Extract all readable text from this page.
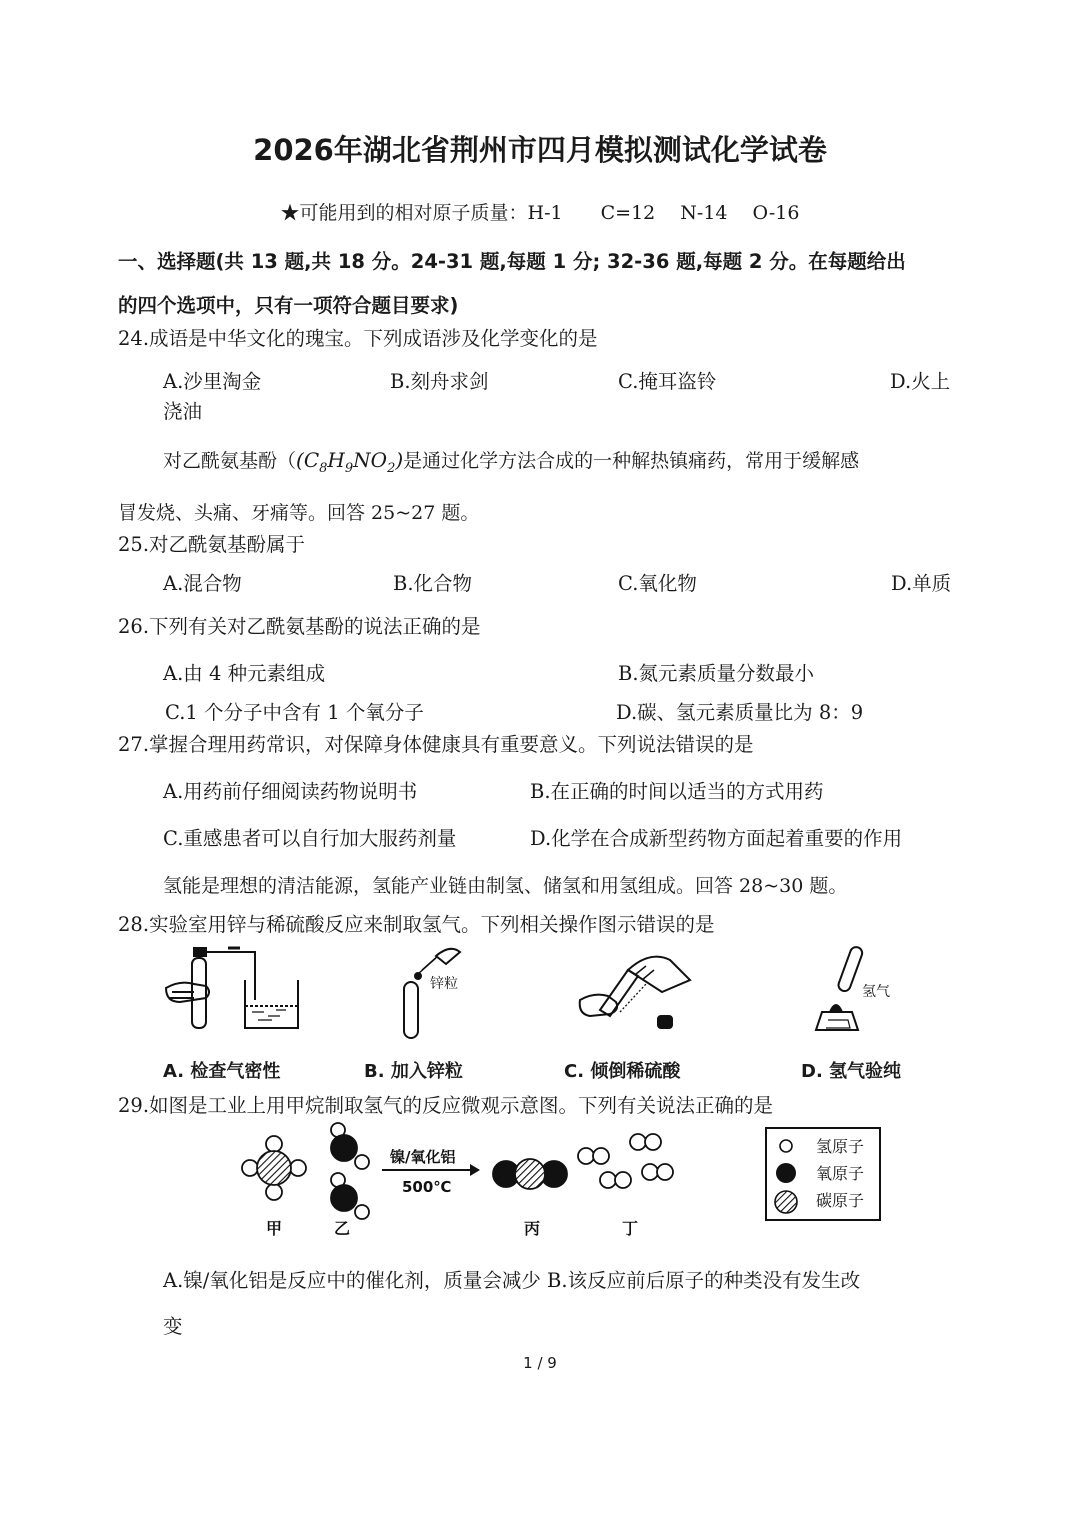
2026年湖北省荆州市四月模拟测试化学试卷
★可能用到的相对原子质量：H-1　　C=12　 N-14　 O-16
一、选择题(共 13 题,共 18 分。24-31 题,每题 1 分; 32-36 题,每题 2 分。在每题给出
的四个选项中，只有一项符合题目要求)
24.成语是中华文化的瑰宝。下列成语涉及化学变化的是
A.沙里淘金	B.刻舟求剑	C.掩耳盗铃	D.火上
浇油
对乙酰氨基酚（$(C_8H_9NO_2)$是通过化学方法合成的一种解热镇痛药，常用于缓解感
冒发烧、头痛、牙痛等。回答 25~27 题。
25.对乙酰氨基酚属于
A.混合物	B.化合物	C.氧化物	D.单质
26.下列有关对乙酰氨基酚的说法正确的是
A.由 4 种元素组成	B.氮元素质量分数最小
C.1 个分子中含有 1 个氧分子	D.碳、氢元素质量比为 8：9
27.掌握合理用药常识，对保障身体健康具有重要意义。下列说法错误的是
A.用药前仔细阅读药物说明书	B.在正确的时间以适当的方式用药
C.重感患者可以自行加大服药剂量	D.化学在合成新型药物方面起着重要的作用
氢能是理想的清洁能源，氢能产业链由制氢、储氢和用氢组成。回答 28~30 题。
28.实验室用锌与稀硫酸反应来制取氢气。下列相关操作图示错误的是
锌粒	氢气
A. 检查气密性	B. 加入锌粒	C. 倾倒稀硫酸	D. 氢气验纯
29.如图是工业上用甲烷制取氢气的反应微观示意图。下列有关说法正确的是
镍/氧化铝
500℃
氢原子
氧原子
碳原子
甲	乙	丙	丁
A.镍/氧化铝是反应中的催化剂，质量会减少 B.该反应前后原子的种类没有发生改
变
1 / 9
